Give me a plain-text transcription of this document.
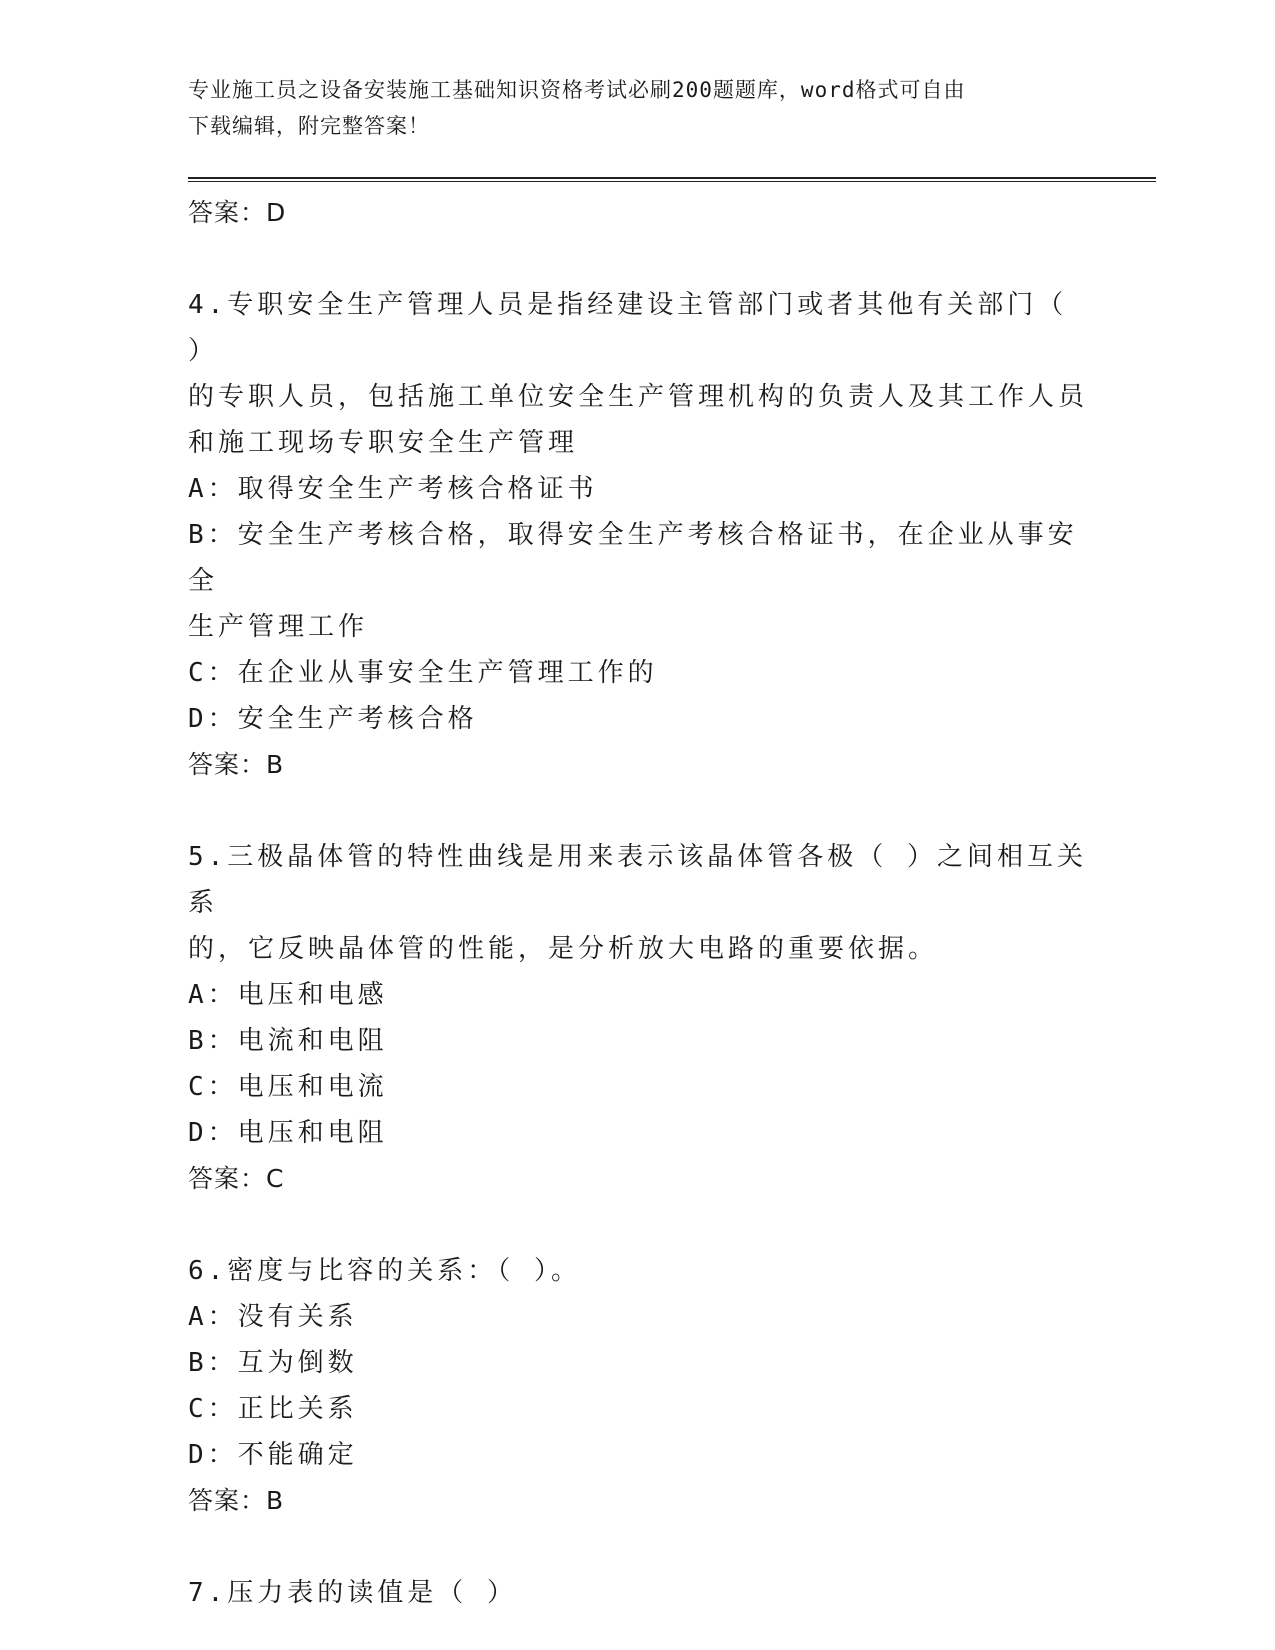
专业施工员之设备安装施工基础知识资格考试必刷200题题库，word格式可自由
下载编辑，附完整答案！
答案：D
4.专职安全生产管理人员是指经建设主管部门或者其他有关部门（ ）
的专职人员，包括施工单位安全生产管理机构的负责人及其工作人员
和施工现场专职安全生产管理
A：取得安全生产考核合格证书
B：安全生产考核合格，取得安全生产考核合格证书，在企业从事安全
生产管理工作
C：在企业从事安全生产管理工作的
D：安全生产考核合格
答案：B
5.三极晶体管的特性曲线是用来表示该晶体管各极（ ）之间相互关系
的，它反映晶体管的性能，是分析放大电路的重要依据。
A：电压和电感
B：电流和电阻
C：电压和电流
D：电压和电阻
答案：C
6.密度与比容的关系：（ ）。
A：没有关系
B：互为倒数
C：正比关系
D：不能确定
答案：B
7.压力表的读值是（ ）
